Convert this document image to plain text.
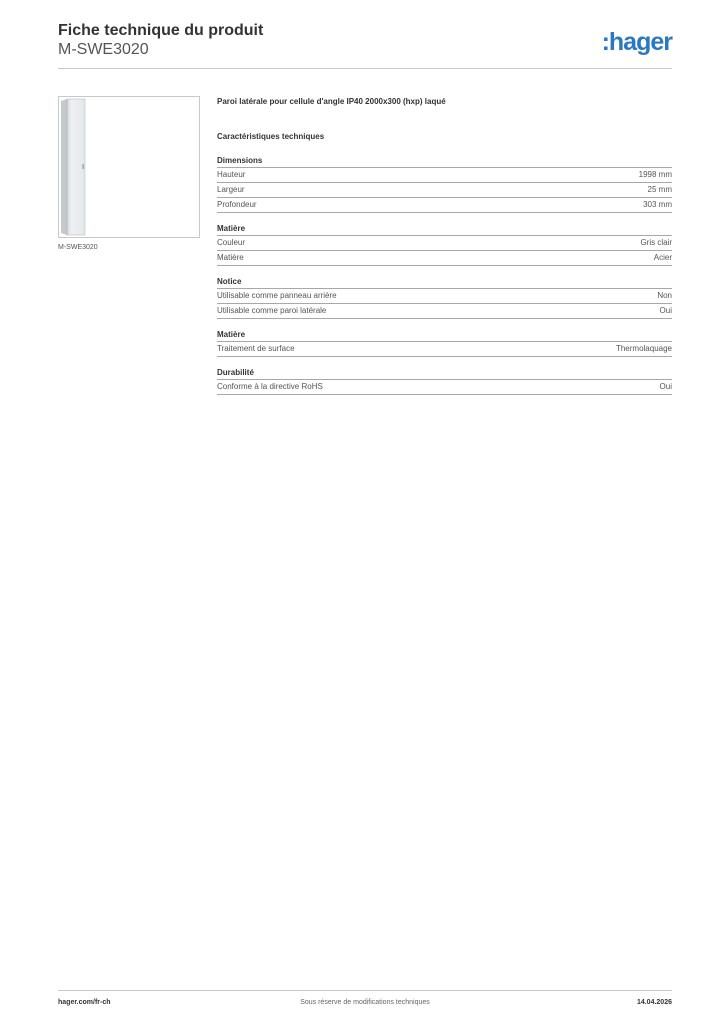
Fiche technique du produit

M-SWE3020	:hager
M-SWE3020
Paroi latérale pour cellule d'angle IP40 2000x300 (hxp) laqué
Caractéristiques techniques
Dimensions
Hauteur	1998 mm
Largeur	25 mm
Profondeur	303 mm
Matière
Couleur	Gris clair
Matière	Acier
Notice
Utilisable comme panneau arrière	Non
Utilisable comme paroi latérale	Oui
Matière
Traitement de surface	Thermolaquage
Durabilité
Conforme à la directive RoHS	Oui
hager.com/fr-ch	Sous réserve de modifications techniques	14.04.2026
